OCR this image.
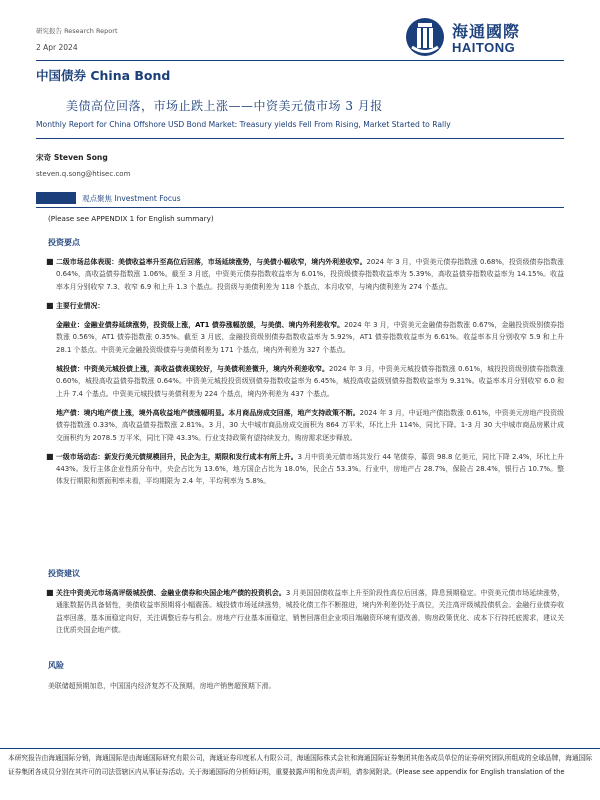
研究报告 Research Report
2 Apr 2024
海通國際
HAITONG
中国债券 China Bond
美债高位回落，市场止跌上涨——中资美元债市场 3 月报
Monthly Report for China Offshore USD Bond Market: Treasury yields Fell From Rising, Market Started to Rally
宋奇 Steven Song
steven.q.song@htisec.com
观点聚焦 Investment Focus
(Please see APPENDIX 1 for English summary)
投资要点

■ 二级市场总体表现：美债收益率升至高位后回落，市场延续涨势，与美债小幅收窄，境内外利差收窄。2024 年 3 月，中资美元债券指数涨 0.68%，投资级债券指数涨 0.64%，高收益债券指数涨 1.06%。截至 3 月底，中资美元债券指数收益率为 6.01%，投资级债券指数收益率为 5.39%，高收益债券指数收益率为 14.15%。收益率本月分别收窄 7.3、收窄 6.9 和上升 1.3 个基点。投资级与美债利差为 118 个基点，本月收窄，与境内债利差为 274 个基点。

■ 主要行业情况：

金融业：金融业债券延续涨势，投资级上涨，AT1 债券涨幅放缓，与美债、境内外利差收窄。2024 年 3 月，中资美元金融债券指数涨 0.67%，金融投资级别债券指数涨 0.56%，AT1 债券指数涨 0.35%。截至 3 月底，金融投资级别债券指数收益率为 5.92%，AT1 债券指数收益率为 6.61%。收益率本月分别收窄 5.9 和上升 28.1 个基点。中资美元金融投资级债券与美债利差为 171 个基点，境内外利差为 327 个基点。

城投债：中资美元城投债上涨，高收益债表现较好，与美债利差微升，境内外利差收窄。2024 年 3 月，中资美元城投债券指数涨 0.61%，城投投资级别债券指数涨 0.60%，城投高收益债券指数涨 0.64%。中资美元城投投资级别债券指数收益率为 6.45%，城投高收益级别债券指数收益率为 9.31%。收益率本月分别收窄 6.0 和上升 7.4 个基点。中资美元城投债与美债利差为 224 个基点，境内外利差为 437 个基点。

地产债：境内地产债上涨，境外高收益地产债涨幅明显。本月商品房成交回落，地产支持政策不断。2024 年 3 月，中证地产债指数涨 0.61%，中资美元房地产投资级债券指数涨 0.33%，高收益债券指数涨 2.81%。3 月，30 大中城市商品房成交面积为 864 万平米，环比上升 114%，同比下降。1-3 月 30 大中城市商品房累计成交面积约为 2078.5 万平米，同比下降 43.3%。行业支持政策有望持续发力，购房需求逐步释放。

■ 一级市场动态：新发行美元债规模回升，民企为主，期限和发行成本有所上升。3 月中资美元债市场共发行 44 笔债券，募资 98.8 亿美元，同比下降 2.4%，环比上升 443%。发行主体企业性质分布中，央企占比为 13.6%，地方国企占比为 18.0%，民企占 53.3%。行业中，房地产占 28.7%，保险占 28.4%，银行占 10.7%。整体发行期限和票面利率未看，平均期限为 2.4 年，平均利率为 5.8%。

投资建议

■ 关注中资美元市场高评级城投债、金融业债券和央国企地产债的投资机会。3 月美国国债收益率上升至阶段性高位后回落，降息预期稳定。中资美元债市场延续涨势，通胀数据仍具备韧性，美债收益率预期将小幅震荡。城投债市场延续涨势，城投化债工作不断推进，境内外利差仍处于高位，关注高评级城投债机会。金融行业债券收益率回落，基本面稳定向好，关注调整后券与机会。房地产行业基本面稳定，销售回落但企业项目端融资环境有望改善，购房政策优化、成本下行持托底需求，建议关注优质央国企地产债。

风险
美联储超预期加息，中国国内经济复苏不及预期，房地产销售超预期下滑。
本研究报告由海通国际分销，海通国际是由海通国际研究有限公司，海通证券印度私人有限公司，海通国际株式会社和海通国际证券集团其他各成员单位的证券研究团队所组成的全球品牌，海通国际证券集团各成员分别在其许可的司法管辖区内从事证券活动。关于海通国际的分析师证明，重要披露声明和免责声明，请参阅附录。(Please see appendix for English translation of the
